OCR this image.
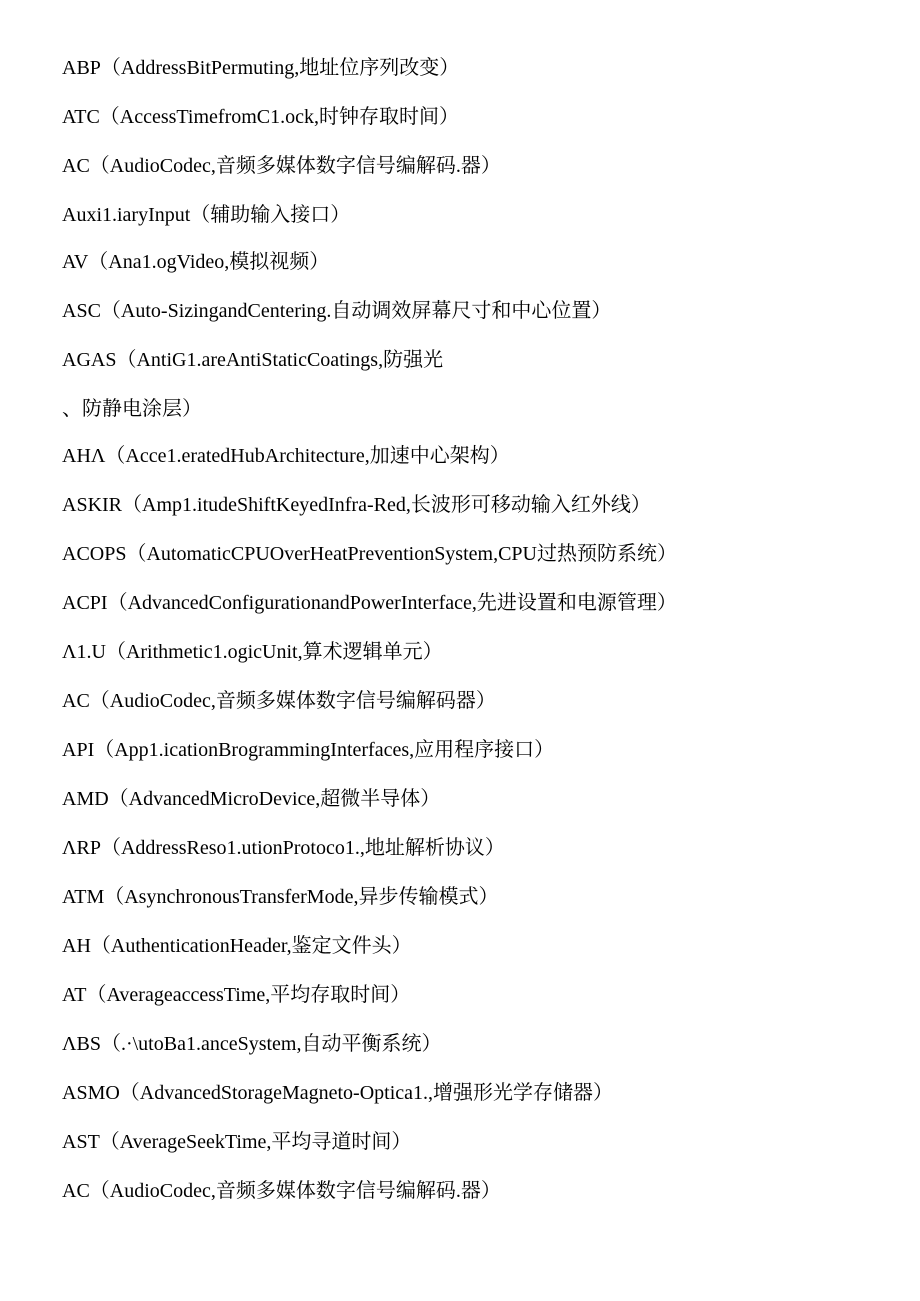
ABP（AddressBitPermuting,地址位序列改变）
ATC（AccessTimefromC1.ock,时钟存取时间）
AC（AudioCodec,音频多媒体数字信号编解码.器）
Auxi1.iaryInput（辅助输入接口）
AV（Ana1.ogVideo,模拟视频）
ASC（Auto-SizingandCentering.自动调效屏幕尺寸和中心位置）
AGAS（AntiG1.areAntiStaticCoatings,防强光
、防静电涂层）
AHΛ（Acce1.eratedHubArchitecture,加速中心架构）
ASKIR（Amp1.itudeShiftKeyedInfra-Red,长波形可移动输入红外线）
ACOPS（AutomaticCPUOverHeatPreventionSystem,CPU过热预防系统）
ACPI（AdvancedConfigurationandPowerInterface,先进设置和电源管理）
Λ1.U（Arithmetic1.ogicUnit,算术逻辑单元）
AC（AudioCodec,音频多媒体数字信号编解码器）
API（App1.icationBrogrammingInterfaces,应用程序接口）
AMD（AdvancedMicroDevice,超微半导体）
ΛRP（AddressReso1.utionProtoco1.,地址解析协议）
ATM（AsynchronousTransferMode,异步传输模式）
AH（AuthenticationHeader,鉴定文件头）
AT（AverageaccessTime,平均存取时间）
ΛBS（.·\utoBa1.anceSystem,自动平衡系统）
ASMO（AdvancedStorageMagneto-Optica1.,增强形光学存储器）
AST（AverageSeekTime,平均寻道时间）
AC（AudioCodec,音频多媒体数字信号编解码.器）
